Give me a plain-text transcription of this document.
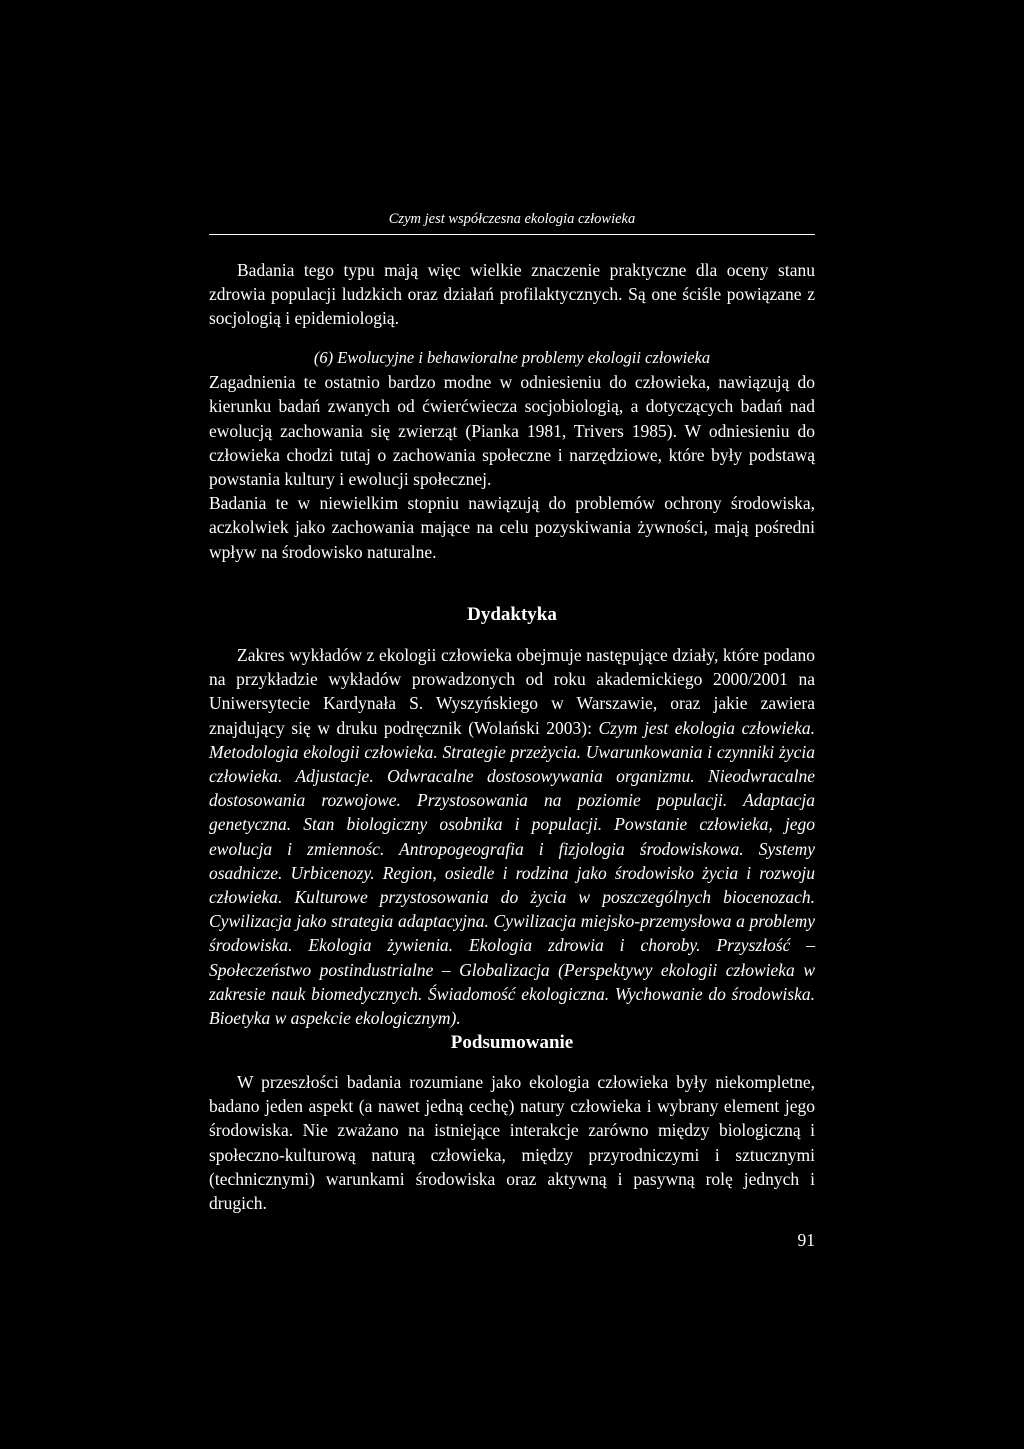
Czym jest współczesna ekologia człowieka

Badania tego typu mają więc wielkie znaczenie praktyczne dla oceny stanu zdrowia populacji ludzkich oraz działań profilaktycznych. Są one ściśle powiązane z socjologią i epidemiologią.

(6) Ewolucyjne i behawioralne problemy ekologii człowieka

Zagadnienia te ostatnio bardzo modne w odniesieniu do człowieka, nawiązują do kierunku badań zwanych od ćwierćwiecza socjobiologią, a dotyczących badań nad ewolucją zachowania się zwierząt (Pianka 1981, Trivers 1985). W odniesieniu do człowieka chodzi tutaj o zachowania społeczne i narzędziowe, które były podstawą powstania kultury i ewolucji społecznej.

Badania te w niewielkim stopniu nawiązują do problemów ochrony środowiska, aczkolwiek jako zachowania mające na celu pozyskiwania żywności, mają pośredni wpływ na środowisko naturalne.

Dydaktyka

Zakres wykładów z ekologii człowieka obejmuje następujące działy, które podano na przykładzie wykładów prowadzonych od roku akademickiego 2000/2001 na Uniwersytecie Kardynała S. Wyszyńskiego w Warszawie, oraz jakie zawiera znajdujący się w druku podręcznik (Wolański 2003): Czym jest ekologia człowieka. Metodologia ekologii człowieka. Strategie przeżycia. Uwarunkowania i czynniki życia człowieka. Adjustacje. Odwracalne dostosowywania organizmu. Nieodwracalne dostosowania rozwojowe. Przystosowania na poziomie populacji. Adaptacja genetyczna. Stan biologiczny osobnika i populacji. Powstanie człowieka, jego ewolucja i zmiennośc. Antropogeografia i fizjologia środowiskowa. Systemy osadnicze. Urbicenozy. Region, osiedle i rodzina jako środowisko życia i rozwoju człowieka. Kulturowe przystosowania do życia w poszczególnych biocenozach. Cywilizacja jako strategia adaptacyjna. Cywilizacja miejsko-przemysłowa a problemy środowiska. Ekologia żywienia. Ekologia zdrowia i choroby. Przyszłość – Społeczeństwo postindustrialne – Globalizacja (Perspektywy ekologii człowieka w zakresie nauk biomedycznych. Świadomość ekologiczna. Wychowanie do środowiska. Bioetyka w aspekcie ekologicznym).

Podsumowanie

W przeszłości badania rozumiane jako ekologia człowieka były niekompletne, badano jeden aspekt (a nawet jedną cechę) natury człowieka i wybrany element jego środowiska. Nie zważano na istniejące interakcje zarówno między biologiczną i społeczno-kulturową naturą człowieka, między przyrodniczymi i sztucznymi (technicznymi) warunkami środowiska oraz aktywną i pasywną rolę jednych i drugich.

91
